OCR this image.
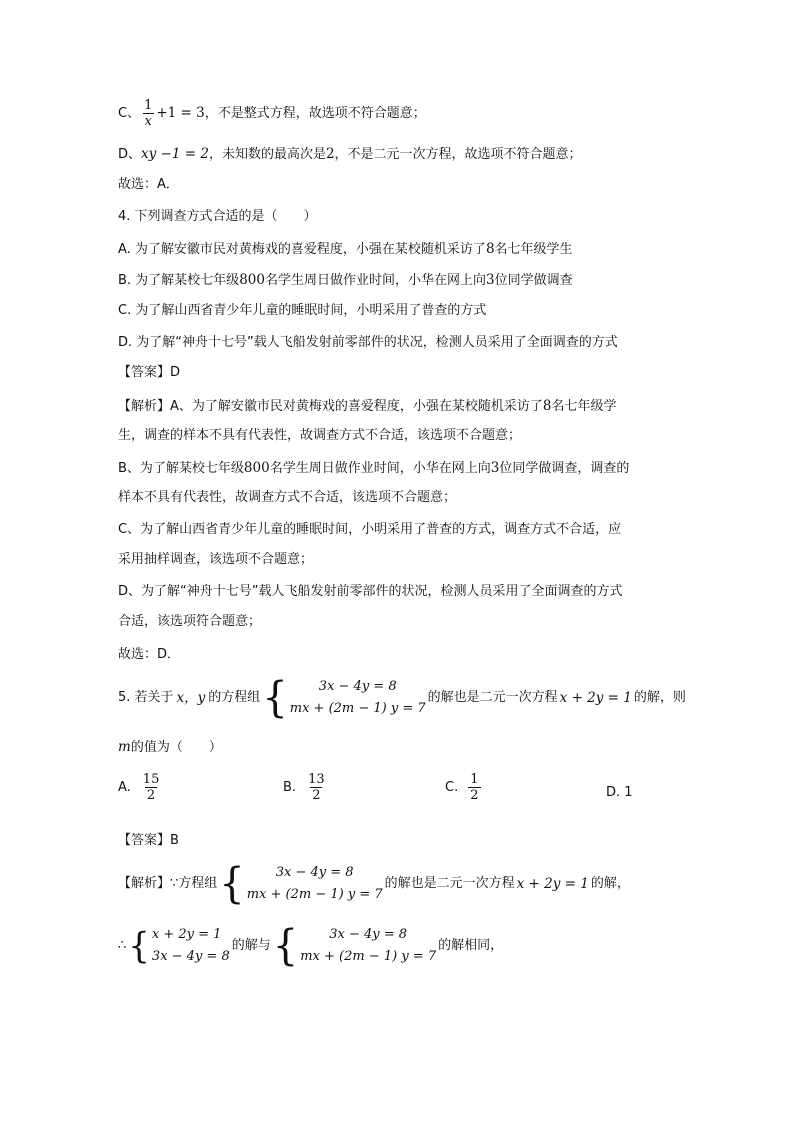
C、 $\frac{1}{x} +1 = 3$，不是整式方程，故选项不符合题意；
D、xy −1 = 2，未知数的最高次是2，不是二元一次方程，故选项不符合题意；
故选：A．
4. 下列调查方式合适的是（　　）
A. 为了解安徽市民对黄梅戏的喜爱程度，小强在某校随机采访了8名七年级学生
B. 为了解某校七年级800名学生周日做作业时间，小华在网上向3位同学做调查
C. 为了解山西省青少年儿童的睡眠时间，小明采用了普查的方式
D. 为了解“神舟十七号”载人飞船发射前零部件的状况，检测人员采用了全面调查的方式
【答案】D
【解析】A、为了解安徽市民对黄梅戏的喜爱程度，小强在某校随机采访了8名七年级学
生，调查的样本不具有代表性，故调查方式不合适，该选项不合题意；
B、为了解某校七年级800名学生周日做作业时间，小华在网上向3位同学做调查，调查的
样本不具有代表性，故调查方式不合适，该选项不合题意；
C、为了解山西省青少年儿童的睡眠时间，小明采用了普查的方式，调查方式不合适，应
采用抽样调查，该选项不合题意；
D、为了解“神舟十七号”载人飞船发射前零部件的状况，检测人员采用了全面调查的方式
合适，该选项符合题意；
故选：D．
5. 若关于 x，y 的方程组 {	3x − 4y = 8
mx + (2m − 1) y = 7
的解也是二元一次方程 x + 2y = 1 的解，则
m的值为（　　）
A. $\frac{15}{2}$	B. $\frac{13}{2}$	C. $\frac{1}{2}$	D. 1
【答案】B
【解析】∵方程组 {	3x − 4y = 8
mx + (2m − 1) y = 7
的解也是二元一次方程 x + 2y = 1 的解，
∴ { x + 2y = 1
3x − 4y = 8
的解与 {	3x − 4y = 8
mx + (2m − 1) y = 7
的解相同，
